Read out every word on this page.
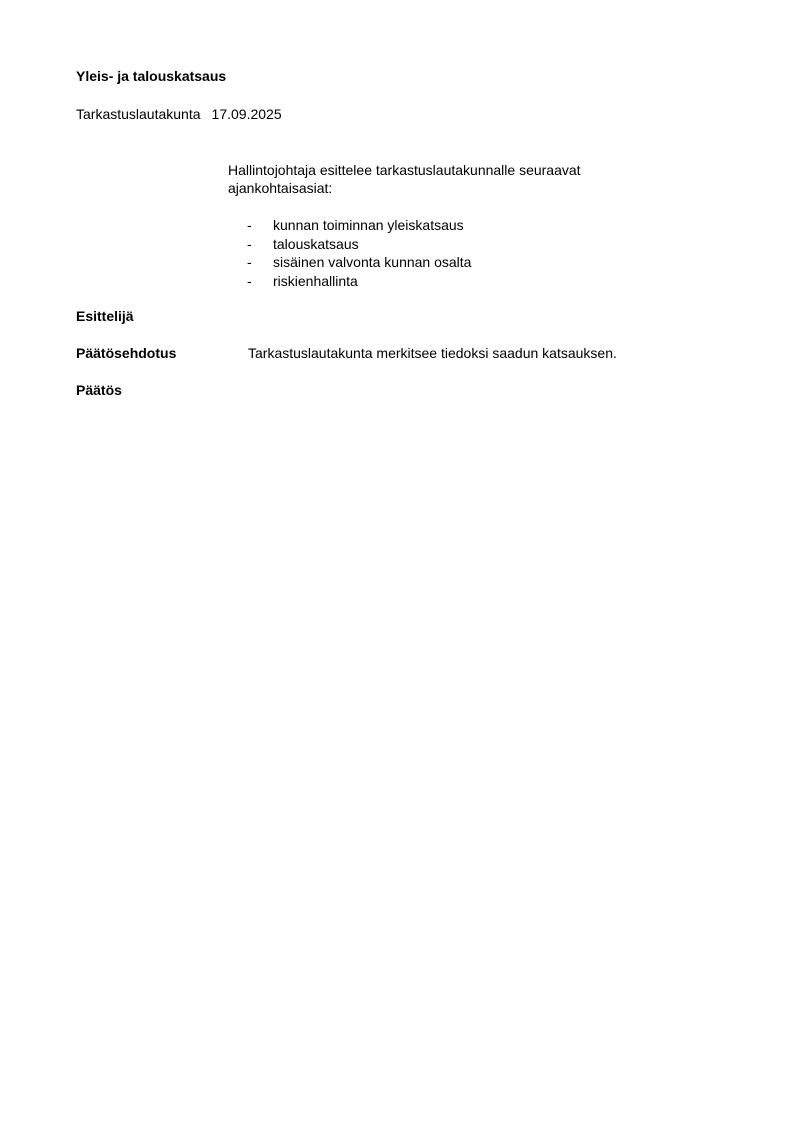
Yleis- ja talouskatsaus
Tarkastuslautakunta 17.09.2025
Hallintojohtaja esittelee tarkastuslautakunnalle seuraavat ajankohtaisasiat:
- kunnan toiminnan yleiskatsaus
- talouskatsaus
- sisäinen valvonta kunnan osalta
- riskienhallinta
Esittelijä
Päätösehdotus	Tarkastuslautakunta merkitsee tiedoksi saadun katsauksen.
Päätös
